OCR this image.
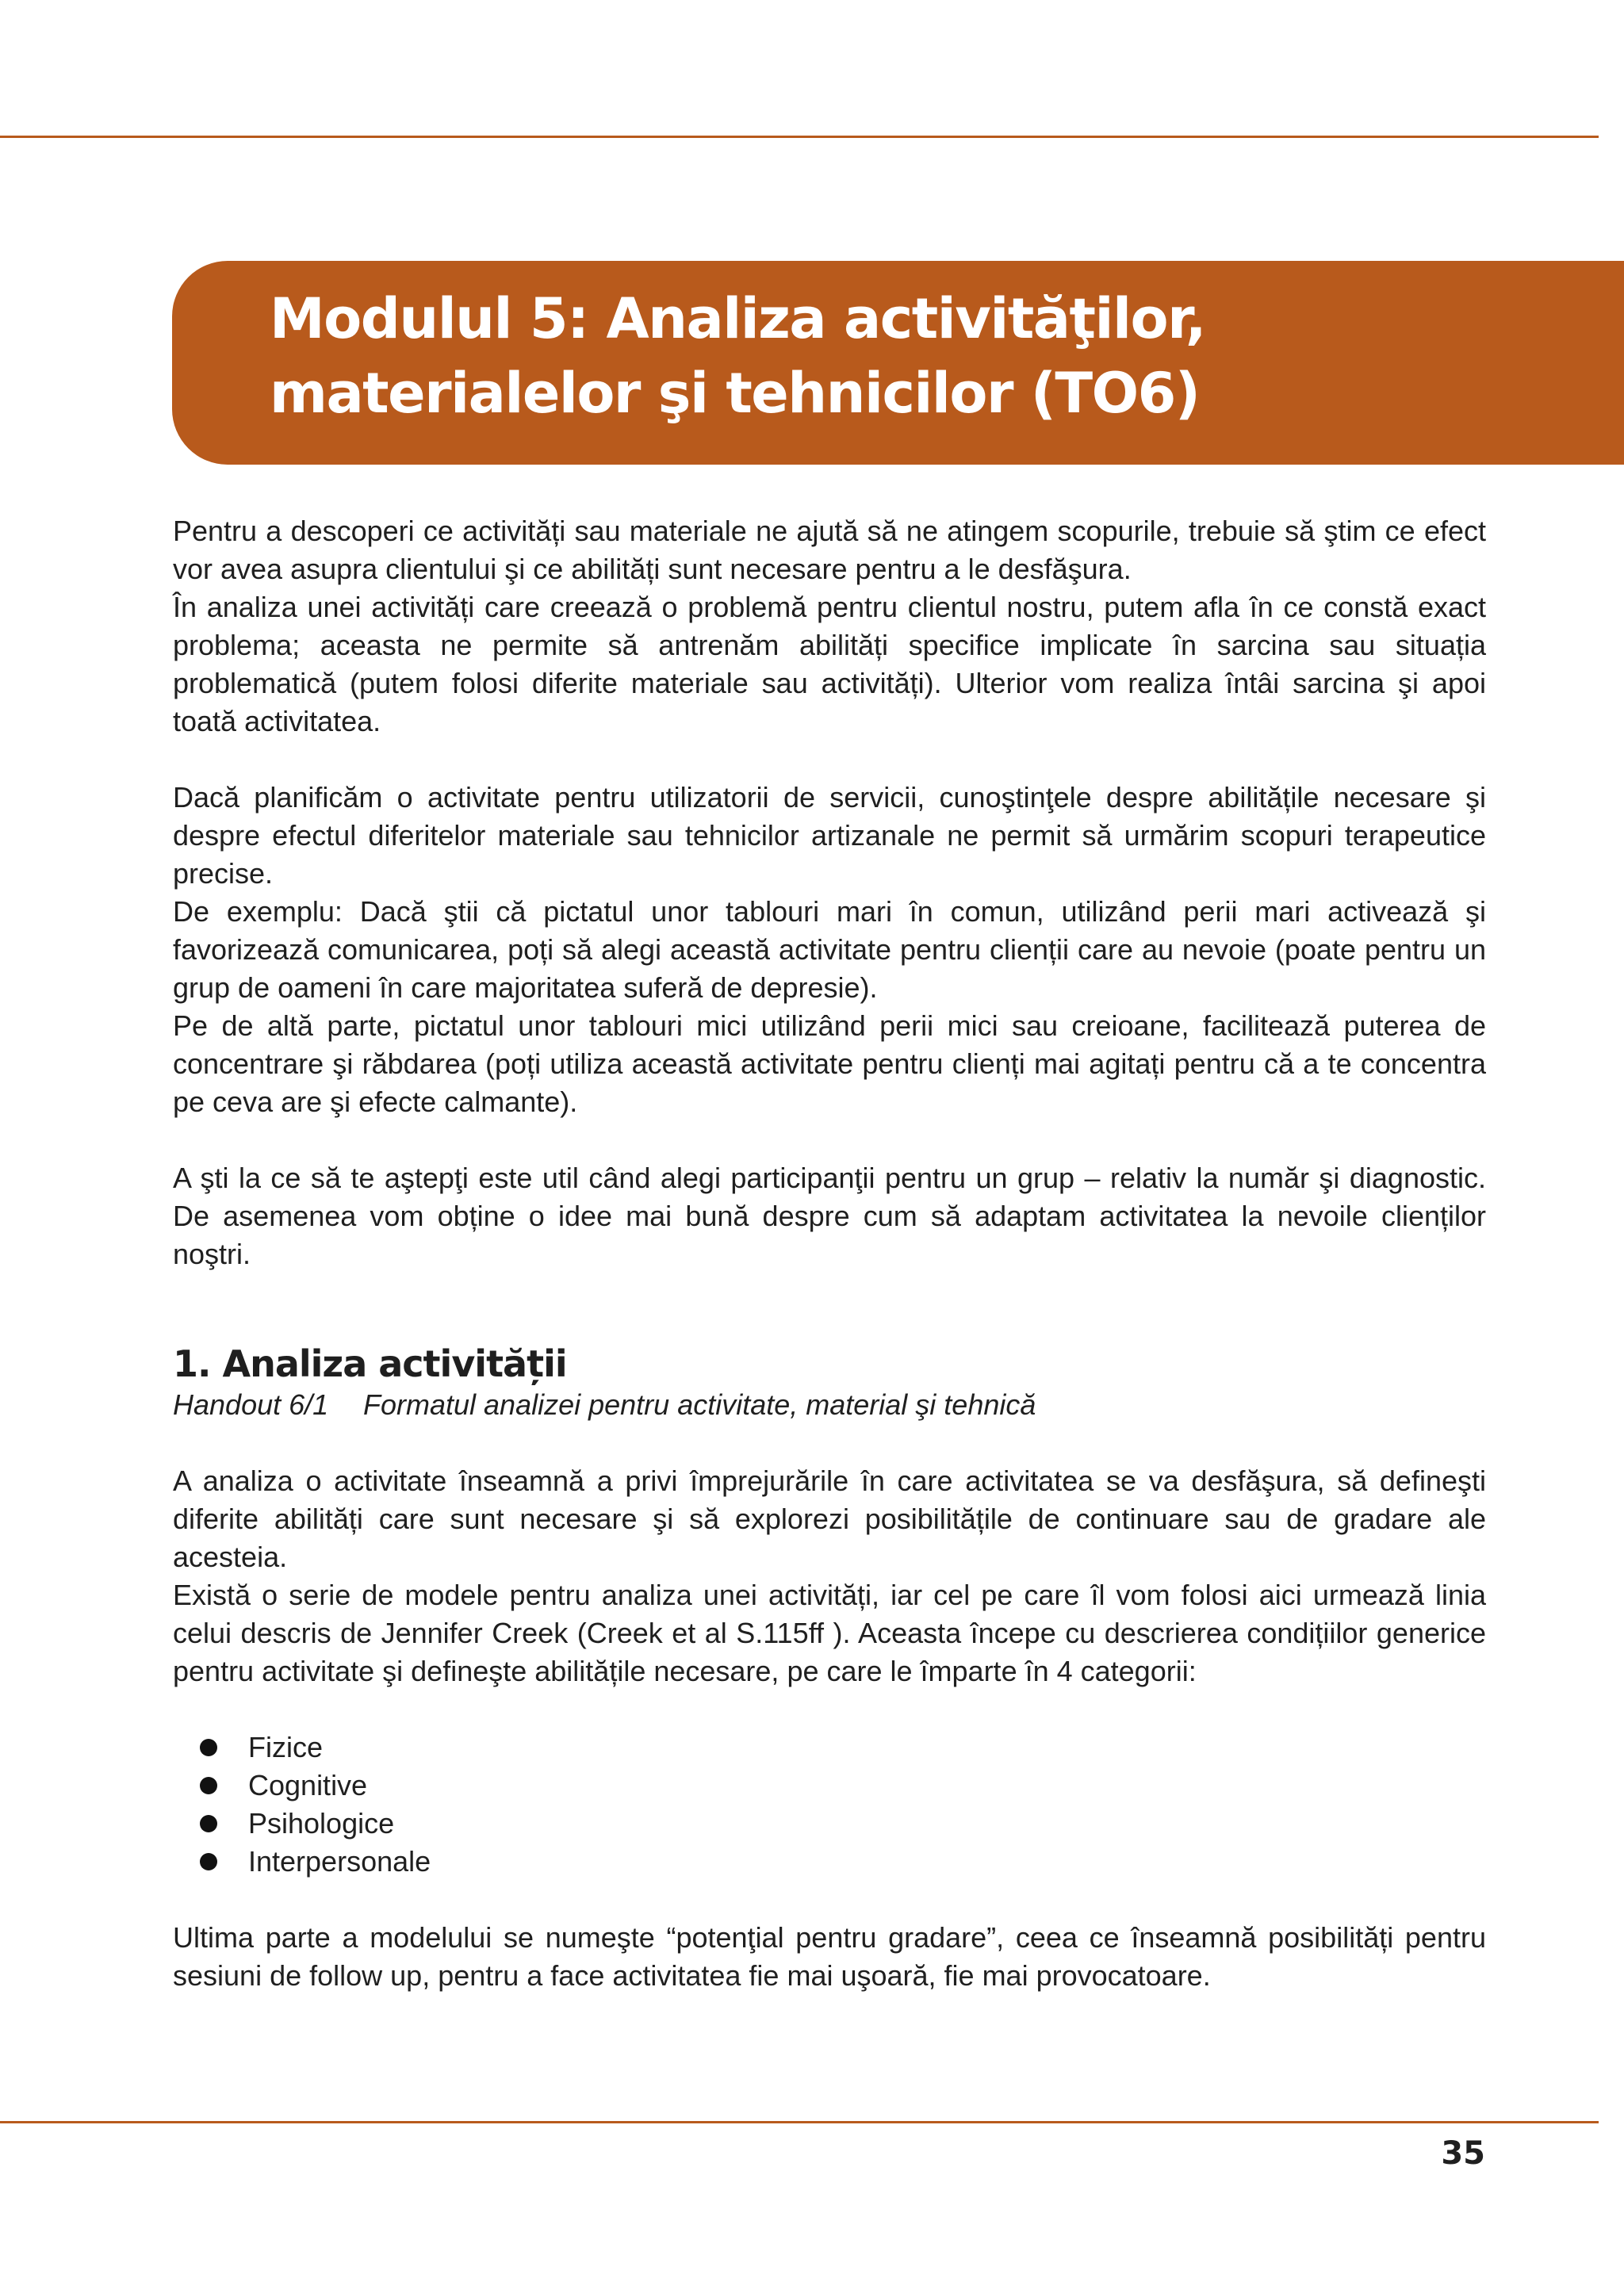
Modulul 5: Analiza activităţilor,
materialelor şi tehnicilor (TO6)

Pentru a descoperi ce activități sau materiale ne ajută să ne atingem scopurile, trebuie să ştim ce efect vor avea asupra clientului şi ce abilități sunt necesare pentru a le desfăşura.

În analiza unei activități care creează o problemă pentru clientul nostru, putem afla în ce constă exact problema; aceasta ne permite să antrenăm abilități specifice implicate în sarcina sau situația problematică (putem folosi diferite materiale sau activități). Ulterior vom realiza întâi sarcina şi apoi toată activitatea.

Dacă planificăm o activitate pentru utilizatorii de servicii, cunoştinţele despre abilitățile necesare şi despre efectul diferitelor materiale sau tehnicilor artizanale ne permit să urmărim scopuri terapeutice precise.

De exemplu: Dacă ştii că pictatul unor tablouri mari în comun, utilizând perii mari activează şi favorizează comunicarea, poți să alegi această activitate pentru clienții care au nevoie (poate pentru un grup de oameni în care majoritatea suferă de depresie).

Pe de altă parte, pictatul unor tablouri mici utilizând perii mici sau creioane, facilitează puterea de concentrare şi răbdarea (poți utiliza această activitate pentru clienți mai agitați pentru că a te concentra pe ceva are şi efecte calmante).

A şti la ce să te aştepţi este util când alegi participanţii pentru un grup – relativ la număr şi diagnostic. De asemenea vom obține o idee mai bună despre cum să adaptam activitatea la nevoile clienților noştri.

1. Analiza activității

Handout 6/1 Formatul analizei pentru activitate, material şi tehnică

A analiza o activitate înseamnă a privi împrejurările în care activitatea se va desfăşura, să defineşti diferite abilități care sunt necesare şi să explorezi posibilitățile de continuare sau de gradare ale acesteia.

Există o serie de modele pentru analiza unei activități, iar cel pe care îl vom folosi aici urmează linia celui descris de Jennifer Creek (Creek et al S.115ff ). Aceasta începe cu descrierea condițiilor generice pentru activitate şi defineşte abilitățile necesare, pe care le împarte în 4 categorii:

Fizice
Cognitive
Psihologice
Interpersonale

Ultima parte a modelului se numeşte “potenţial pentru gradare”, ceea ce înseamnă posibilități pentru sesiuni de follow up, pentru a face activitatea fie mai uşoară, fie mai provocatoare.

35
